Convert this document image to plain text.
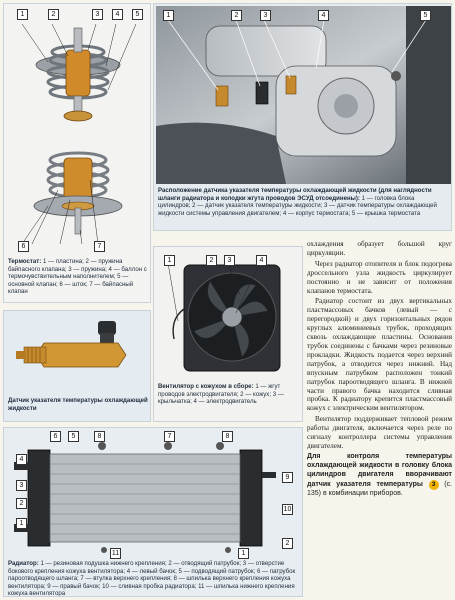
1	2	3	4	5
6	7
Термостат: 1 — пластина; 2 — пружина байпасного клапана; 3 — пружина; 4 — баллон с термочувствительным наполнителем; 5 — основной клапан; 6 — шток; 7 — байпасный клапан
1	2	3	4	5
Расположение датчика указателя температуры охлаждающей жидкости (для наглядности шланги радиатора и колодки жгута проводов ЭСУД отсоединены): 1 — головка блока цилиндров; 2 — датчик указателя температуры жидкости; 3 — датчик температуры охлаждающей жидкости системы управления двигателем; 4 — корпус термостата; 5 — крышка термостата
Датчик указателя температуры охлаждающей жидкости
1	2	3	4
Вентилятор с кожухом в сборе: 1 — жгут проводов электродвигателя; 2 — кожух; 3 — крыльчатка; 4 — электродвигатель
6	5	8	7	8
4
3
2
1
9
10
11	1
2
Радиатор: 1 — резиновая подушка нижнего крепления; 2 — отводящий патрубок; 3 — отверстие бокового крепления кожуха вентилятора; 4 — левый бачок; 5 — подводящий патрубок; 6 — патрубок пароотводящего шланга; 7 — втулка верхнего крепления; 8 — шпилька верхнего крепления кожуха вентилятора; 9 — правый бачок; 10 — сливная пробка радиатора; 11 — шпилька нижнего крепления кожуха вентилятора

охлаждения образует большой круг циркуляции.

Через радиатор отопителя и блок подогрева дроссельного узла жидкость циркулирует постоянно и не зависит от положения клапанов термостата.

Радиатор состоит из двух вертикальных пластмассовых бачков (левый — с перегородкой) и двух горизонтальных рядов круглых алюминиевых трубок, проходящих сквозь охлаждающие пластины. Основания трубок соединены с бачками через резиновые прокладки. Жидкость подается через верхний патрубок, а отводится через нижний. Над впускным патрубком расположен тонкий патрубок пароотводящего шланга. В нижней части правого бачка находится сливная пробка. К радиатору крепится пластмассовый кожух с электрическим вентилятором.

Вентилятор поддерживает тепловой режим работы двигателя, включается через реле по сигналу контроллера системы управления двигателем.

Для контроля температуры охлаждающей жидкости в головку блока цилиндров двигателя вворачивают датчик указателя температуры 3 (с. 135) в комбинации приборов.
